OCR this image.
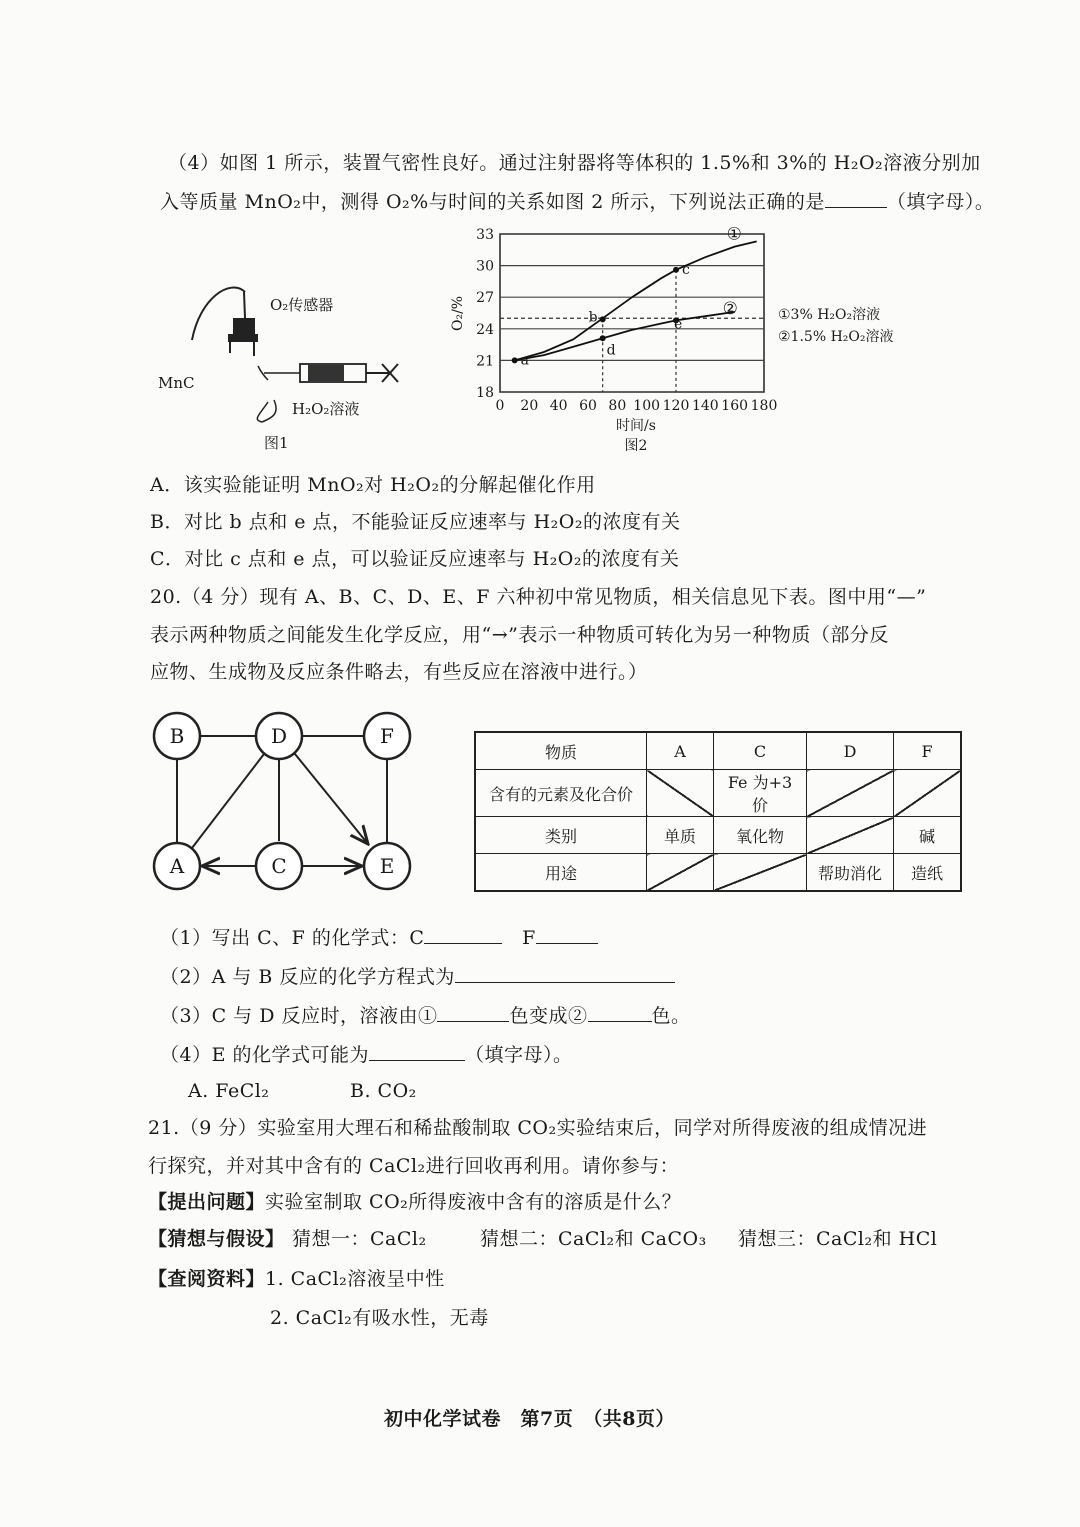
（4）如图 1 所示，装置气密性良好。通过注射器将等体积的 1.5%和 3%的 H₂O₂溶液分别加
入等质量 MnO₂中，测得 O₂%与时间的关系如图 2 所示，下列说法正确的是	（填字母）。
O₂传感器
MnC
H₂O₂溶液
图1
18
21
24
27
30
33
0 20 40 60 80 100 120 140 160 180
①
②
a
b
c
d
e
O₂/%
时间/s
图2
①3% H₂O₂溶液
②1.5% H₂O₂溶液
A．该实验能证明 MnO₂对 H₂O₂的分解起催化作用
B．对比 b 点和 e 点，不能验证反应速率与 H₂O₂的浓度有关
C．对比 c 点和 e 点，可以验证反应速率与 H₂O₂的浓度有关
20.（4 分）现有 A、B、C、D、E、F 六种初中常见物质，相关信息见下表。图中用“—”
表示两种物质之间能发生化学反应，用“→”表示一种物质可转化为另一种物质（部分反
应物、生成物及反应条件略去，有些反应在溶液中进行。）
B	D	F
A	C	E
物质	A	C	D	F
含有的元素及化合价		Fe 为+3 价		
类别	单质	氧化物		碱
用途			帮助消化	造纸
（1）写出 C、F 的化学式：C	F
（2）A 与 B 反应的化学方程式为
（3）C 与 D 反应时，溶液由①	色变成②	色。
（4）E 的化学式可能为	（填字母）。
A. FeCl₂	B. CO₂
21.（9 分）实验室用大理石和稀盐酸制取 CO₂实验结束后，同学对所得废液的组成情况进
行探究，并对其中含有的 CaCl₂进行回收再利用。请你参与：
【提出问题】实验室制取 CO₂所得废液中含有的溶质是什么？
【猜想与假设】 猜想一：CaCl₂	猜想二：CaCl₂和 CaCO₃ 猜想三：CaCl₂和 HCl
【查阅资料】1. CaCl₂溶液呈中性
2. CaCl₂有吸水性，无毒
初中化学试卷　第7页　（共8页）
